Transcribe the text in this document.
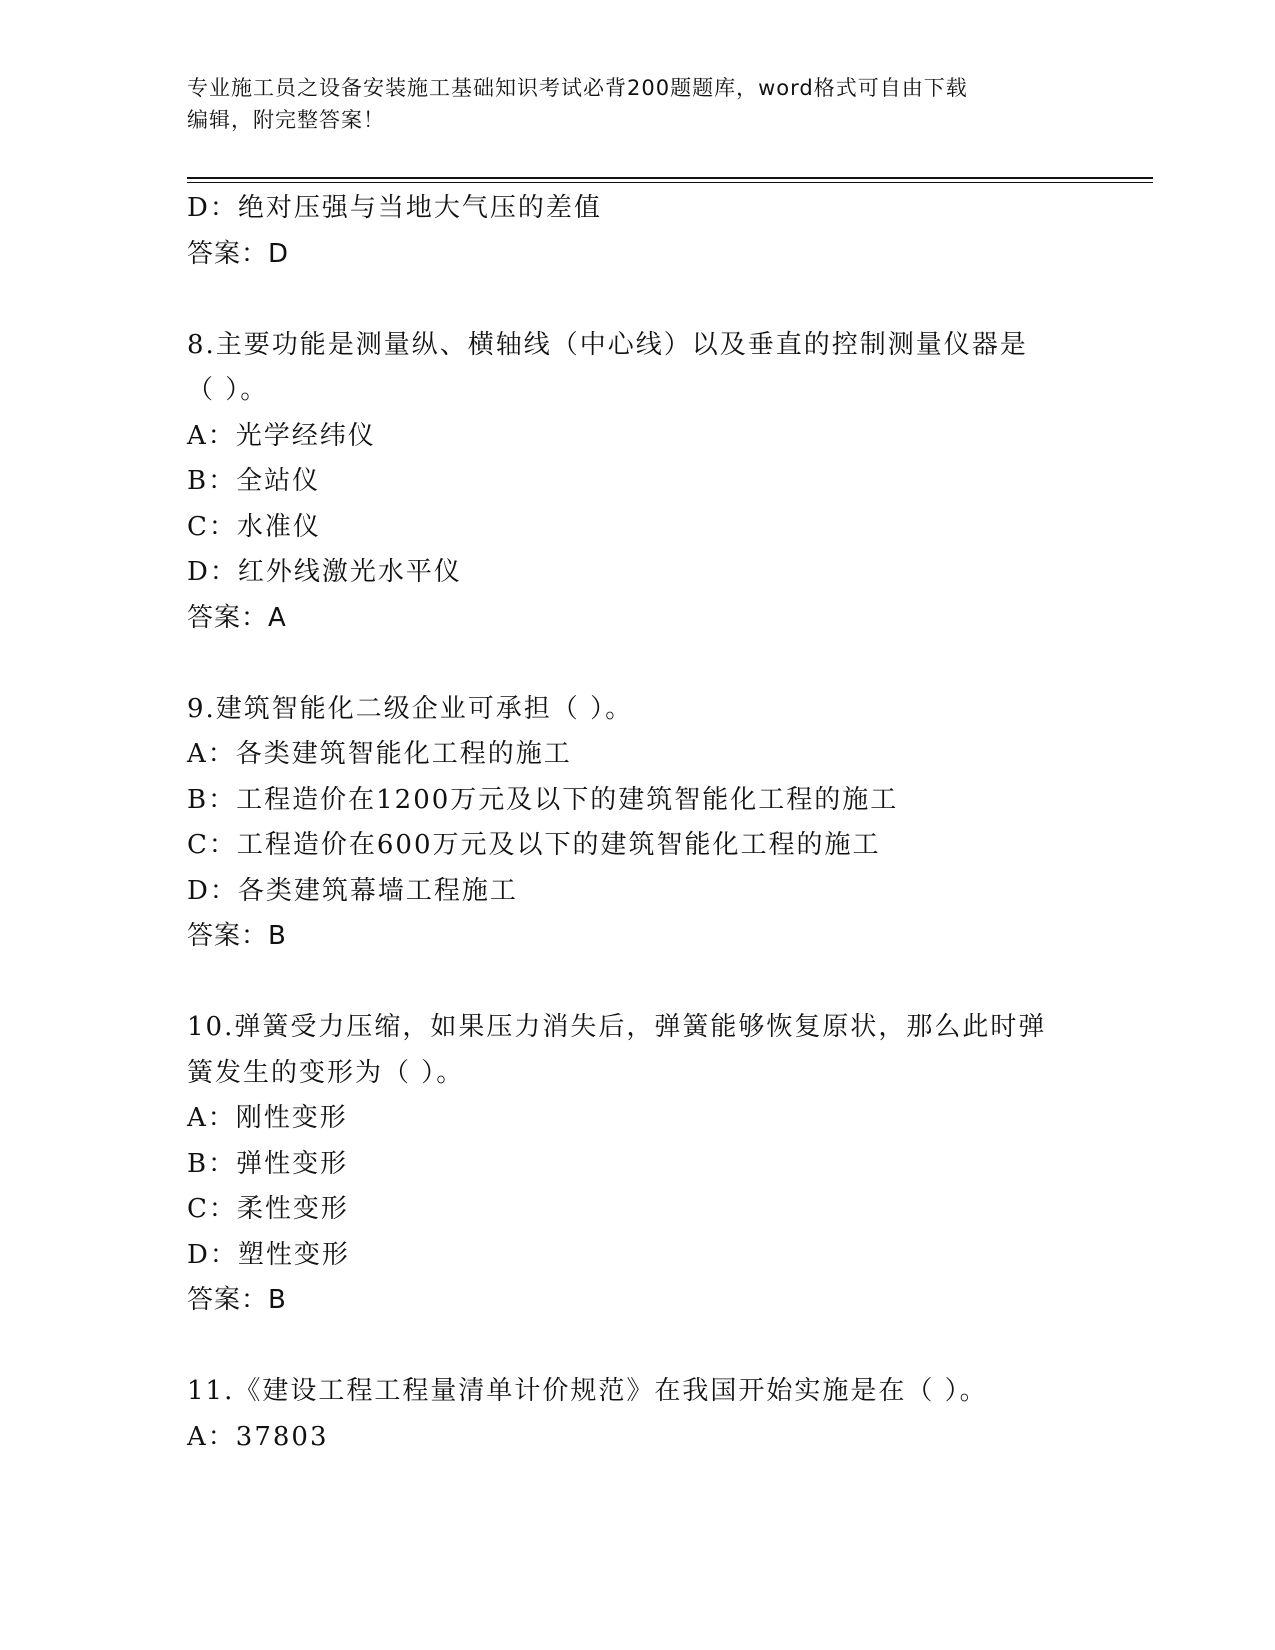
专业施工员之设备安装施工基础知识考试必背200题题库，word格式可自由下载
编辑，附完整答案！
D：绝对压强与当地大气压的差值
答案：D
8.主要功能是测量纵、横轴线（中心线）以及垂直的控制测量仪器是
（ ）。
A：光学经纬仪
B：全站仪
C：水准仪
D：红外线激光水平仪
答案：A
9.建筑智能化二级企业可承担（ ）。
A：各类建筑智能化工程的施工
B：工程造价在1200万元及以下的建筑智能化工程的施工
C：工程造价在600万元及以下的建筑智能化工程的施工
D：各类建筑幕墙工程施工
答案：B
10.弹簧受力压缩，如果压力消失后，弹簧能够恢复原状，那么此时弹
簧发生的变形为（ ）。
A：刚性变形
B：弹性变形
C：柔性变形
D：塑性变形
答案：B
11.《建设工程工程量清单计价规范》在我国开始实施是在（ ）。
A：37803
